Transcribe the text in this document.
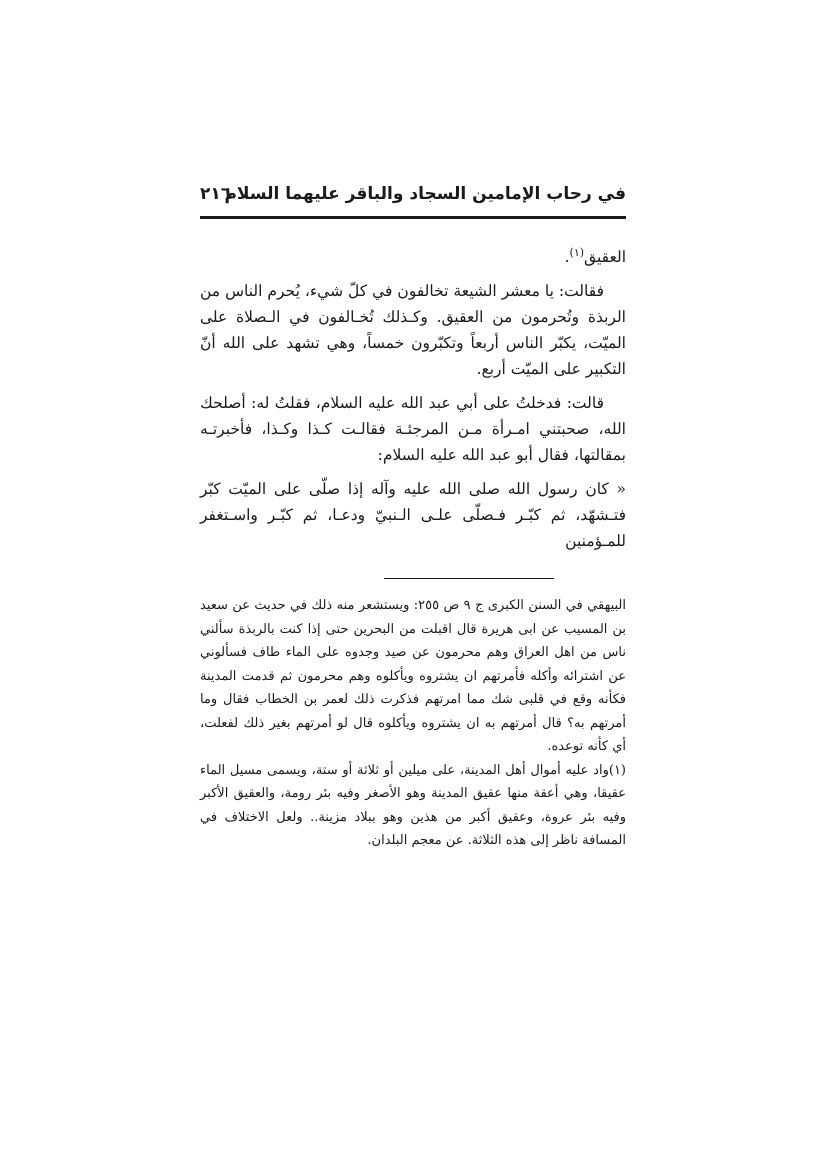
في رحاب الإمامين السجاد والباقر عليهما السلام
٢١٦

العقيق$^{(١)}$.

فقالت: يا معشر الشيعة تخالفون في كلّ شيء، يُحرم الناس من الربذة وتُحرمون من العقيق. وكـذلك تُخـالفون في الـصلاة على الميّت، يكبّر الناس أربعاً وتكبّرون خمساً، وهي تشهد على الله أنّ التكبير على الميّت أربع.

قالت: فدخلتُ على أبي عبد الله عليه السلام، فقلتُ له: أصلحك الله، صحبتني امـرأة مـن المرجئـة فقالـت كـذا وكـذا، فأخبرتـه بمقالتها، فقال أبو عبد الله عليه السلام:

« كان رسول الله صلى الله عليه وآله إذا صلّى على الميّت كبّر فتـشهّد، ثم كبّـر فـصلّى علـى الـنبيّ ودعـا، ثم كبّـر واسـتغفر للمـؤمنين

البيهقي في السنن الكبرى ج ٩ ص ٢٥٥: ويستشعر منه ذلك في حديث عن سعيد بن المسيب عن ابى هريرة قال اقبلت من البحرين حتى إذا كنت بالربذة سألني ناس من اهل العراق وهم محرمون عن صيد وجدوه على الماء طاف فسألوني عن اشترائه وأكله فأمرتهم ان يشتروه ويأكلوه وهم محرمون ثم قدمت المدينة فكأنه وقع في قلبى شك مما امرتهم فذكرت ذلك لعمر بن الخطاب فقال وما أمرتهم به؟ قال أمرتهم به ان يشتروه ويأكلوه قال لو أمرتهم بغير ذلك لفعلت، أي كأنه توعده.

(١)واد عليه أموال أهل المدينة، على ميلين أو ثلاثة أو ستة، ويسمى مسيل الماء عقيقا، وهي أعقة منها عقيق المدينة وهو الأصغر وفيه بئر رومة، والعقيق الأكبر وفيه بئر عروة، وعقيق أكبر من هذين وهو ببلاد مزينة.. ولعل الاختلاف في المسافة ناظر إلى هذه الثلاثة. عن معجم البلدان.
